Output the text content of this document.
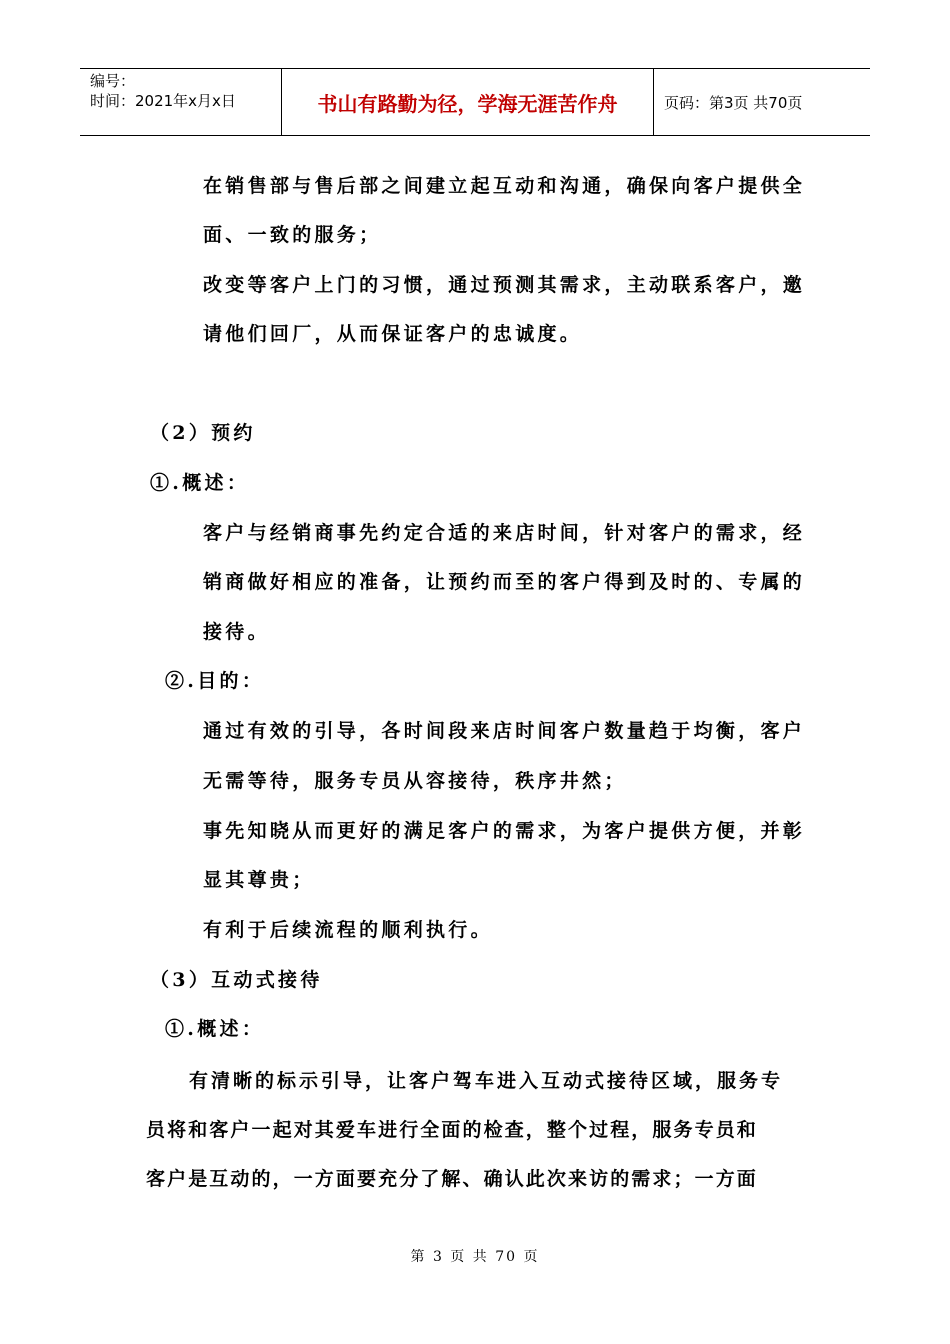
编号：
时间：2021年x月x日	书山有路勤为径，学海无涯苦作舟	页码：第3页 共70页
在销售部与售后部之间建立起互动和沟通，确保向客户提供全
面、一致的服务；
改变等客户上门的习惯，通过预测其需求，主动联系客户，邀
请他们回厂，从而保证客户的忠诚度。
（2）预约
①.概述：
客户与经销商事先约定合适的来店时间，针对客户的需求，经
销商做好相应的准备，让预约而至的客户得到及时的、专属的
接待。
②.目的：
通过有效的引导，各时间段来店时间客户数量趋于均衡，客户
无需等待，服务专员从容接待，秩序井然；
事先知晓从而更好的满足客户的需求，为客户提供方便，并彰
显其尊贵；
有利于后续流程的顺利执行。
（3）互动式接待
①.概述：
有清晰的标示引导，让客户驾车进入互动式接待区域，服务专
员将和客户一起对其爱车进行全面的检查，整个过程，服务专员和
客户是互动的，一方面要充分了解、确认此次来访的需求；一方面
第 3 页 共 70 页
